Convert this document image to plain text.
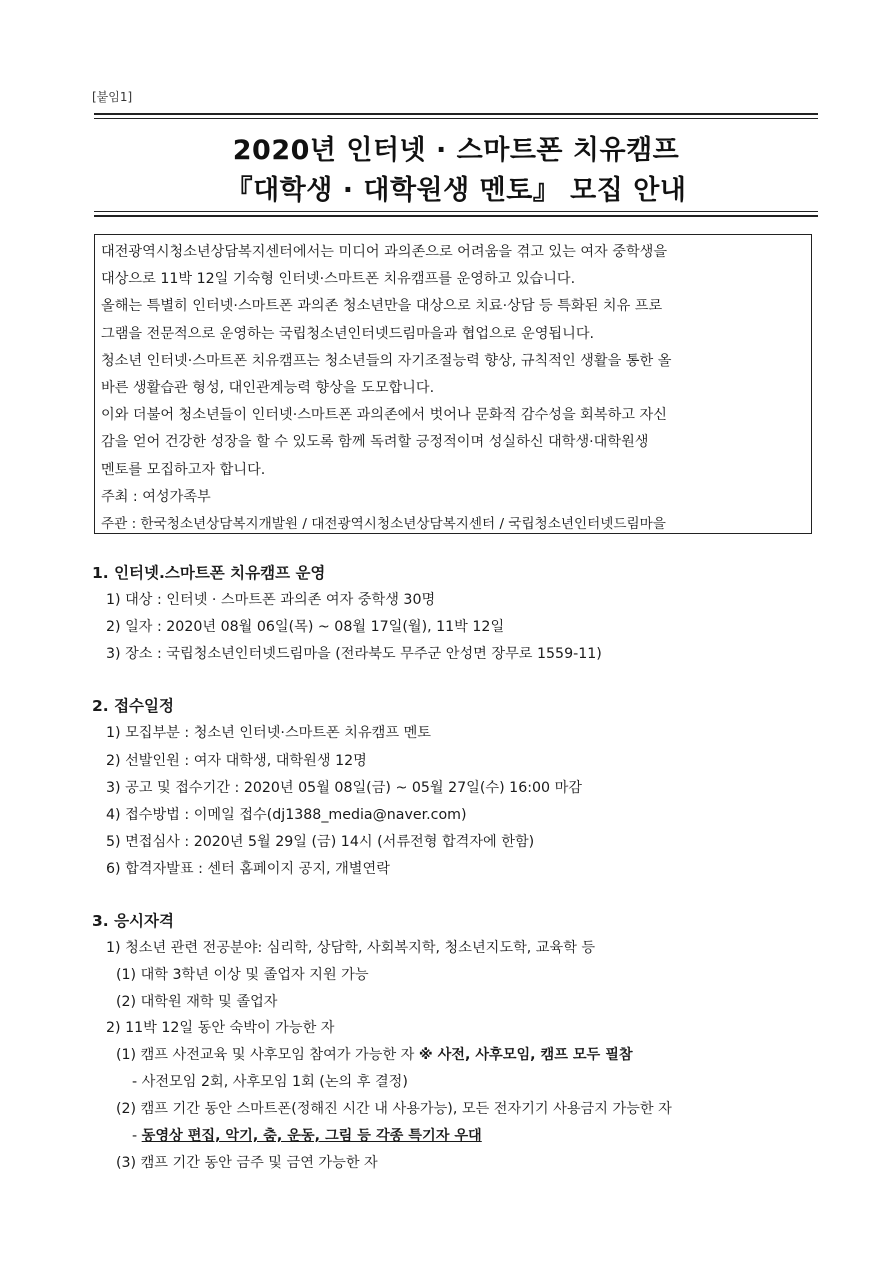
[붙임1]
2020년 인터넷 · 스마트폰 치유캠프
『대학생 · 대학원생 멘토』 모집 안내
대전광역시청소년상담복지센터에서는 미디어 과의존으로 어려움을 겪고 있는 여자 중학생을
대상으로 11박 12일 기숙형 인터넷·스마트폰 치유캠프를 운영하고 있습니다.
올해는 특별히 인터넷·스마트폰 과의존 청소년만을 대상으로 치료·상담 등 특화된 치유 프로
그램을 전문적으로 운영하는 국립청소년인터넷드림마을과 협업으로 운영됩니다.
청소년 인터넷·스마트폰 치유캠프는 청소년들의 자기조절능력 향상, 규칙적인 생활을 통한 올
바른 생활습관 형성, 대인관계능력 향상을 도모합니다.
이와 더불어 청소년들이 인터넷·스마트폰 과의존에서 벗어나 문화적 감수성을 회복하고 자신
감을 얻어 건강한 성장을 할 수 있도록 함께 독려할 긍정적이며 성실하신 대학생·대학원생
멘토를 모집하고자 합니다.
주최 : 여성가족부
주관 : 한국청소년상담복지개발원 / 대전광역시청소년상담복지센터 / 국립청소년인터넷드림마을
1. 인터넷.스마트폰 치유캠프 운영
1) 대상 : 인터넷 · 스마트폰 과의존 여자 중학생 30명
2) 일자 : 2020년 08월 06일(목) ~ 08월 17일(월), 11박 12일
3) 장소 : 국립청소년인터넷드림마을 (전라북도 무주군 안성면 장무로 1559-11)
2. 접수일정
1) 모집부분 : 청소년 인터넷·스마트폰 치유캠프 멘토
2) 선발인원 : 여자 대학생, 대학원생 12명
3) 공고 및 접수기간 : 2020년 05월 08일(금) ~ 05월 27일(수) 16:00 마감
4) 접수방법 : 이메일 접수(dj1388_media@naver.com)
5) 면접심사 : 2020년 5월 29일 (금) 14시 (서류전형 합격자에 한함)
6) 합격자발표 : 센터 홈페이지 공지, 개별연락
3. 응시자격
1) 청소년 관련 전공분야: 심리학, 상담학, 사회복지학, 청소년지도학, 교육학 등
(1) 대학 3학년 이상 및 졸업자 지원 가능
(2) 대학원 재학 및 졸업자
2) 11박 12일 동안 숙박이 가능한 자
(1) 캠프 사전교육 및 사후모임 참여가 가능한 자 ※ 사전, 사후모임, 캠프 모두 필참
- 사전모임 2회, 사후모임 1회 (논의 후 결정)
(2) 캠프 기간 동안 스마트폰(정해진 시간 내 사용가능), 모든 전자기기 사용금지 가능한 자
- 동영상 편집, 악기, 춤, 운동, 그림 등 각종 특기자 우대
(3) 캠프 기간 동안 금주 및 금연 가능한 자
